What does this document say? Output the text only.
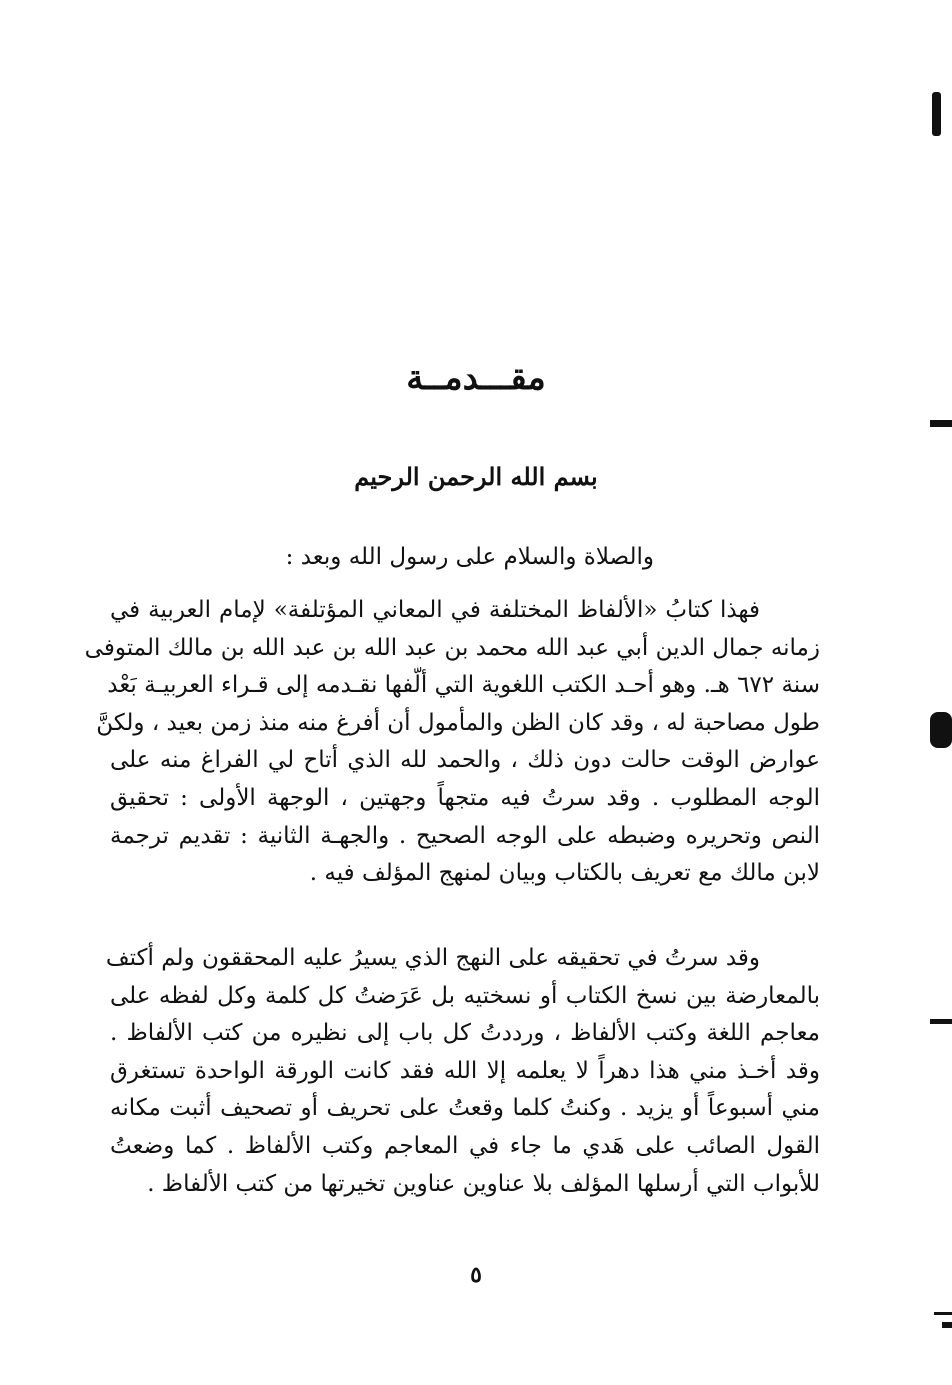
مقـــدمــة
بسم الله الرحمن الرحيم
والصلاة والسلام على رسول الله وبعد :
فهذا كتابُ «الألفاظ المختلفة في المعاني المؤتلفة» لإمام العربية في
زمانه جمال الدين أبي عبد الله محمد بن عبد الله بن عبد الله بن مالك المتوفى
سنة ٦٧٢ هـ. وهو أحـد الكتب اللغوية التي ألّفها نقـدمه إلى قـراء العربيـة بَعْد
طول مصاحبة له ، وقد كان الظن والمأمول أن أفرغ منه منذ زمن بعيد ، ولكنَّ
عوارض الوقت حالت دون ذلك ، والحمد لله الذي أتاح لي الفراغ منه على
الوجه المطلوب . وقد سرتُ فيه متجهاً وجهتين ، الوجهة الأولى : تحقيق
النص وتحريره وضبطه على الوجه الصحيح . والجهـة الثانية : تقديم ترجمة
لابن مالك مع تعريف بالكتاب وبيان لمنهج المؤلف فيه .
وقد سرتُ في تحقيقه على النهج الذي يسيرُ عليه المحققون ولم أكتف
بالمعارضة بين نسخ الكتاب أو نسختيه بل عَرَضتُ كل كلمة وكل لفظه على
معاجم اللغة وكتب الألفاظ ، ورددتُ كل باب إلى نظيره من كتب الألفاظ .
وقد أخـذ مني هذا دهراً لا يعلمه إلا الله فقد كانت الورقة الواحدة تستغرق
مني أسبوعاً أو يزيد . وكنتُ كلما وقعتُ على تحريف أو تصحيف أثبت مكانه
القول الصائب على هَدي ما جاء في المعاجم وكتب الألفاظ . كما وضعتُ
للأبواب التي أرسلها المؤلف بلا عناوين عناوين تخيرتها من كتب الألفاظ .
٥
